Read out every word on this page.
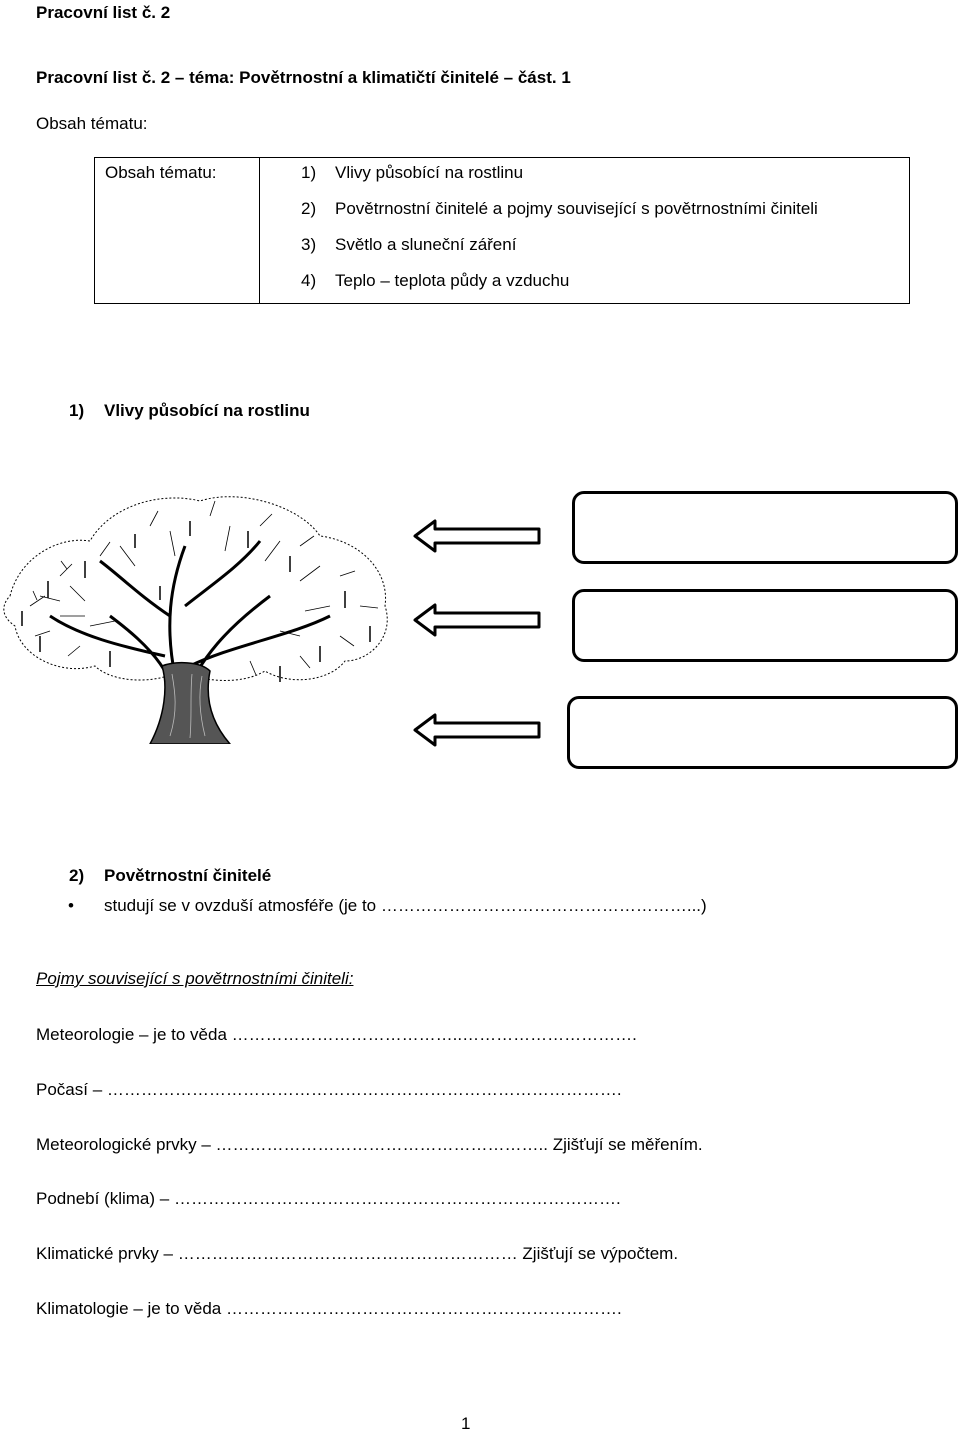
Pracovní list č. 2
Pracovní list č. 2 – téma: Povětrnostní a klimatičtí činitelé – část. 1
Obsah tématu:
Obsah tématu:	1) Vlivy působící na rostlinu
2) Povětrnostní činitelé a pojmy související s povětrnostními činiteli
3) Světlo a sluneční záření
4) Teplo – teplota půdy a vzduchu
1) Vlivy působící na rostlinu
2) Povětrnostní činitelé
• studují se v ovzduší atmosféře (je to ………………………………………………...)
Pojmy související s povětrnostními činiteli:
Meteorologie – je to věda …………………………………..………………………….
Počasí – ……………………………………………………………………………….
Meteorologické prvky – ………………………………………………….. Zjišťují se měřením.
Podnebí (klima) – …………………………………………………………………….
Klimatické prvky – …………………………………………………… Zjišťují se výpočtem.
Klimatologie – je to věda …………………………………………………………….
1
